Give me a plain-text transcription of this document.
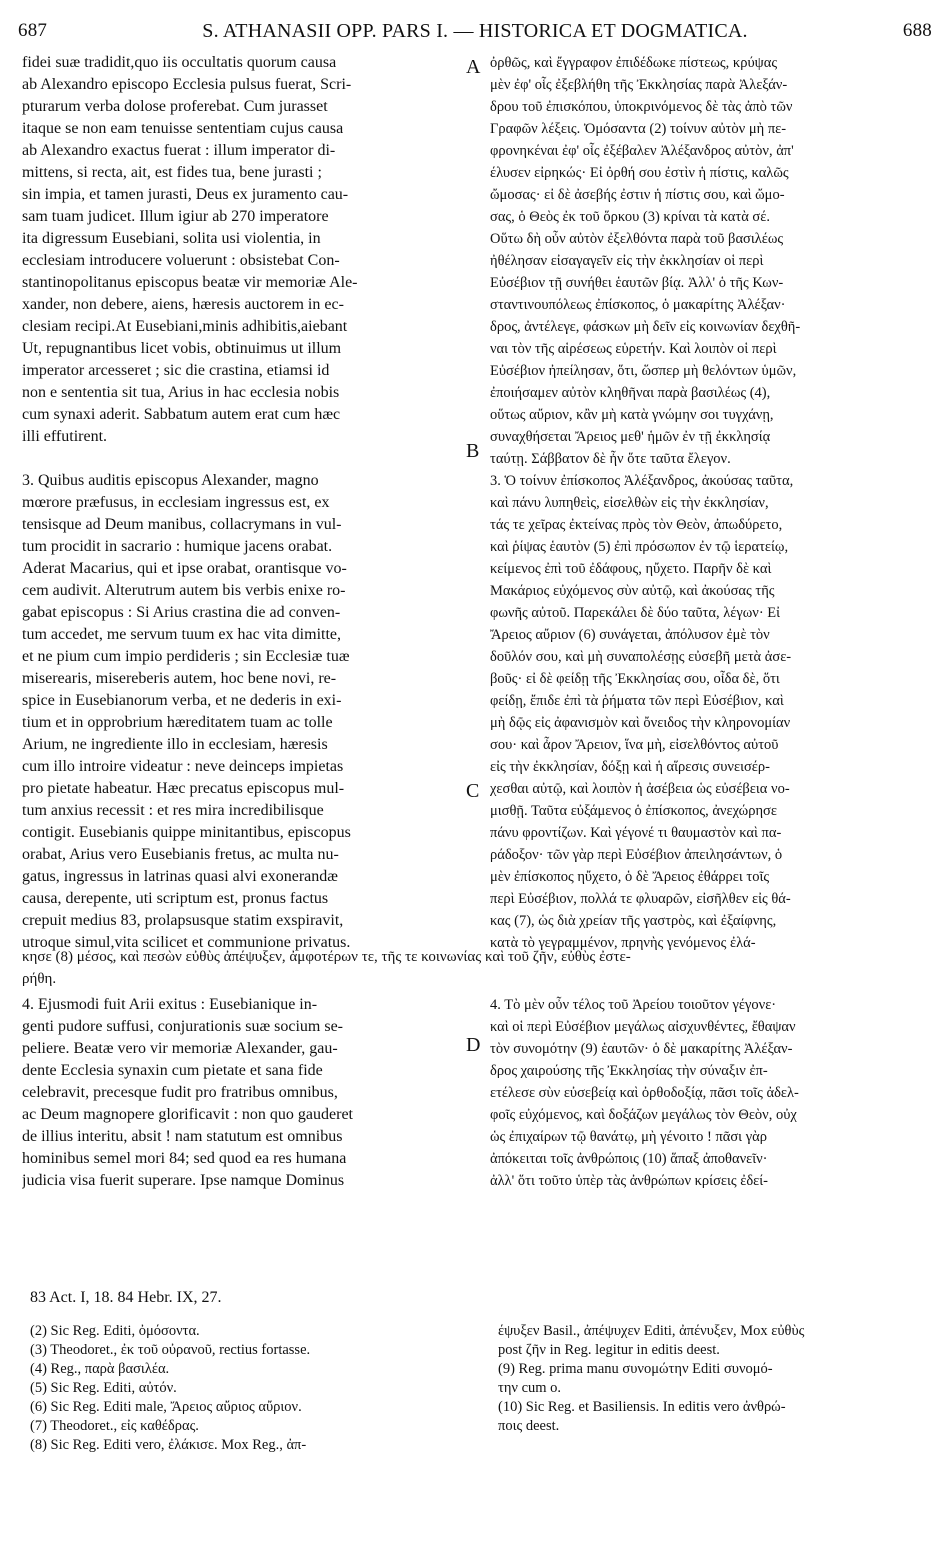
687	S. ATHANASII OPP. PARS I. — HISTORICA ET DOGMATICA.	688
fidei suæ tradidit,quo iis occultatis quorum causa
ab Alexandro episcopo Ecclesia pulsus fuerat, Scri-
pturarum verba dolose proferebat. Cum jurasset
itaque se non eam tenuisse sententiam cujus causa
ab Alexandro exactus fuerat : illum imperator di-
mittens, si recta, ait, est fides tua, bene jurasti ;
sin impia, et tamen jurasti, Deus ex juramento cau-
sam tuam judicet. Illum igiur ab 270 imperatore
ita digressum Eusebiani, solita usi violentia, in
ecclesiam introducere voluerunt : obsistebat Con-
stantinopolitanus episcopus beatæ vir memoriæ Ale-
xander, non debere, aiens, hæresis auctorem in ec-
clesiam recipi.At Eusebiani,minis adhibitis,aiebant
Ut, repugnantibus licet vobis, obtinuimus ut illum
imperator arcesseret ; sic die crastina, etiamsi id
non e sententia sit tua, Arius in hac ecclesia nobis
cum synaxi aderit. Sabbatum autem erat cum hæc
illi effutirent.
3. Quibus auditis episcopus Alexander, magno
mœrore præfusus, in ecclesiam ingressus est, ex
tensisque ad Deum manibus, collacrymans in vul-
tum procidit in sacrario : humique jacens orabat.
Aderat Macarius, qui et ipse orabat, orantisque vo-
cem audivit. Alterutrum autem bis verbis enixe ro-
gabat episcopus : Si Arius crastina die ad conven-
tum accedet, me servum tuum ex hac vita dimitte,
et ne pium cum impio perdideris ; sin Ecclesiæ tuæ
miserearis, misereberis autem, hoc bene novi, re-
spice in Eusebianorum verba, et ne dederis in exi-
tium et in opprobrium hæreditatem tuam ac tolle
Arium, ne ingrediente illo in ecclesiam, hæresis
cum illo introire videatur : neve deinceps impietas
pro pietate habeatur. Hæc precatus episcopus mul-
tum anxius recessit : et res mira incredibilisque
contigit. Eusebianis quippe minitantibus, episcopus
orabat, Arius vero Eusebianis fretus, ac multa nu-
gatus, ingressus in latrinas quasi alvi exonerandæ
causa, derepente, uti scriptum est, pronus factus
crepuit medius 83, prolapsusque statim exspiravit,
utroque simul,vita scilicet et communione privatus.
ὀρθῶς, καὶ ἔγγραφον ἐπιδέδωκε πίστεως, κρύψας
μὲν ἐφ' οἷς ἐξεβλήθη τῆς Ἐκκλησίας παρὰ Ἀλεξάν-
δρου τοῦ ἐπισκόπου, ὑποκρινόμενος δὲ τὰς ἀπὸ τῶν
Γραφῶν λέξεις. Ὀμόσαντα (2) τοίνυν αὐτὸν μὴ πε-
φρονηκέναι ἐφ' οἷς ἐξέβαλεν Ἀλέξανδρος αὐτὸν, ἀπ'
έλυσεν εἰρηκώς· Εἰ ὀρθή σου ἐστὶν ἡ πίστις, καλῶς
ὤμοσας· εἰ δὲ ἀσεβής ἐστιν ἡ πίστις σου, καὶ ὤμο-
σας, ὁ Θεὸς ἐκ τοῦ ὅρκου (3) κρίναι τὰ κατὰ σέ.
Οὕτω δὴ οὖν αὐτὸν ἐξελθόντα παρὰ τοῦ βασιλέως
ἠθέλησαν εἰσαγαγεῖν εἰς τὴν ἐκκλησίαν οἱ περὶ
Εὐσέβιον τῇ συνήθει ἑαυτῶν βίᾳ. Ἀλλ' ὁ τῆς Κων-
σταντινουπόλεως ἐπίσκοπος, ὁ μακαρίτης Ἀλέξαν·
δρος, ἀντέλεγε, φάσκων μὴ δεῖν εἰς κοινωνίαν δεχθῆ-
ναι τὸν τῆς αἱρέσεως εὑρετήν. Καὶ λοιπὸν οἱ περὶ
Εὐσέβιον ἠπείλησαν, ὅτι, ὥσπερ μὴ θελόντων ὑμῶν,
ἐποιήσαμεν αὐτὸν κληθῆναι παρὰ βασιλέως (4),
οὕτως αὔριον, κἂν μὴ κατὰ γνώμην σοι τυγχάνῃ,
συναχθήσεται Ἄρειος μεθ' ἡμῶν ἐν τῇ ἐκκλησίᾳ
ταύτῃ. Σάββατον δὲ ἦν ὅτε ταῦτα ἔλεγον.
3. Ὁ τοίνυν ἐπίσκοπος Ἀλέξανδρος, ἀκούσας ταῦτα,
καὶ πάνυ λυπηθεὶς, εἰσελθὼν εἰς τὴν ἐκκλησίαν,
τάς τε χεῖρας ἐκτείνας πρὸς τὸν Θεὸν, ἀπωδύρετο,
καὶ ῥίψας ἑαυτὸν (5) ἐπὶ πρόσωπον ἐν τῷ ἱερατείῳ,
κείμενος ἐπὶ τοῦ ἐδάφους, ηὔχετο. Παρῆν δὲ καὶ
Μακάριος εὐχόμενος σὺν αὐτῷ, καὶ ἀκούσας τῆς
φωνῆς αὐτοῦ. Παρεκάλει δὲ δύο ταῦτα, λέγων· Εἰ
Ἄρειος αὔριον (6) συνάγεται, ἀπόλυσον ἐμὲ τὸν
δοῦλόν σου, καὶ μὴ συναπολέσῃς εὐσεβῆ μετὰ ἀσε-
βοῦς· εἰ δὲ φείδῃ τῆς Ἐκκλησίας σου, οἶδα δὲ, ὅτι
φείδῃ, ἔπιδε ἐπὶ τὰ ῥήματα τῶν περὶ Εὐσέβιον, καὶ
μὴ δῷς εἰς ἀφανισμὸν καὶ ὄνειδος τὴν κληρονομίαν
σου· καὶ ἆρον Ἄρειον, ἵνα μὴ, εἰσελθόντος αὐτοῦ
εἰς τὴν ἐκκλησίαν, δόξῃ καὶ ἡ αἵρεσις συνεισέρ-
χεσθαι αὐτῷ, καὶ λοιπὸν ἡ ἀσέβεια ὡς εὐσέβεια νο-
μισθῇ. Ταῦτα εὐξάμενος ὁ ἐπίσκοπος, ἀνεχώρησε
πάνυ φροντίζων. Καὶ γέγονέ τι θαυμαστὸν καὶ πα-
ράδοξον· τῶν γὰρ περὶ Εὐσέβιον ἀπειλησάντων, ὁ
μὲν ἐπίσκοπος ηὔχετο, ὁ δὲ Ἄρειος ἐθάρρει τοῖς
περὶ Εὐσέβιον, πολλά τε φλυαρῶν, εἰσῆλθεν εἰς θά-
κας (7), ὡς διὰ χρείαν τῆς γαστρὸς, καὶ ἐξαίφνης,
κατὰ τὸ γεγραμμένον, πρηνὴς γενόμενος ἐλά-
A
B
C
D
κησε (8) μέσος, καὶ πεσὼν εὐθὺς ἀπέψυξεν, ἀμφοτέρων τε, τῆς τε κοινωνίας καὶ τοῦ ζῆν, εὐθὺς ἐστε-
ρήθη.
4. Ejusmodi fuit Arii exitus : Eusebianique in-
genti pudore suffusi, conjurationis suæ socium se-
peliere. Beatæ vero vir memoriæ Alexander, gau-
dente Ecclesia synaxin cum pietate et sana fide
celebravit, precesque fudit pro fratribus omnibus,
ac Deum magnopere glorificavit : non quo gauderet
de illius interitu, absit ! nam statutum est omnibus
hominibus semel mori 84; sed quod ea res humana
judicia visa fuerit superare. Ipse namque Dominus
4. Τὸ μὲν οὖν τέλος τοῦ Ἀρείου τοιοῦτον γέγονε·
καὶ οἱ περὶ Εὐσέβιον μεγάλως αἰσχυνθέντες, ἔθαψαν
τὸν συνομότην (9) ἑαυτῶν· ὁ δὲ μακαρίτης Ἀλέξαν-
δρος χαιρούσης τῆς Ἐκκλησίας τὴν σύναξιν ἐπ-
ετέλεσε σὺν εὐσεβείᾳ καὶ ὀρθοδοξίᾳ, πᾶσι τοῖς ἀδελ-
φοῖς εὐχόμενος, καὶ δοξάζων μεγάλως τὸν Θεὸν, οὐχ
ὡς ἐπιχαίρων τῷ θανάτῳ, μὴ γένοιτο ! πᾶσι γὰρ
ἀπόκειται τοῖς ἀνθρώποις (10) ἅπαξ ἀποθανεῖν·
ἀλλ' ὅτι τοῦτο ὑπὲρ τὰς ἀνθρώπων κρίσεις ἐδεί-
83 Act. I, 18. 84 Hebr. IX, 27.
(2) Sic Reg. Editi, ὀμόσοντα.
(3) Theodoret., ἐκ τοῦ οὐρανοῦ, rectius fortasse.
(4) Reg., παρὰ βασιλέα.
(5) Sic Reg. Editi, αὐτόν.
(6) Sic Reg. Editi male, Ἄρειος αὔριος αὔριον.
(7) Theodoret., εἰς καθέδρας.
(8) Sic Reg. Editi vero, ἐλάκισε. Mox Reg., ἀπ-
έψυξεν Basil., ἀπέψυχεν Editi, ἀπένυξεν, Mox εὐθὺς
post ζῆν in Reg. legitur in editis deest.
(9) Reg. prima manu συνομώτην Editi συνομό-
την cum ο.
(10) Sic Reg. et Basiliensis. In editis vero ἀνθρώ-
ποις deest.
